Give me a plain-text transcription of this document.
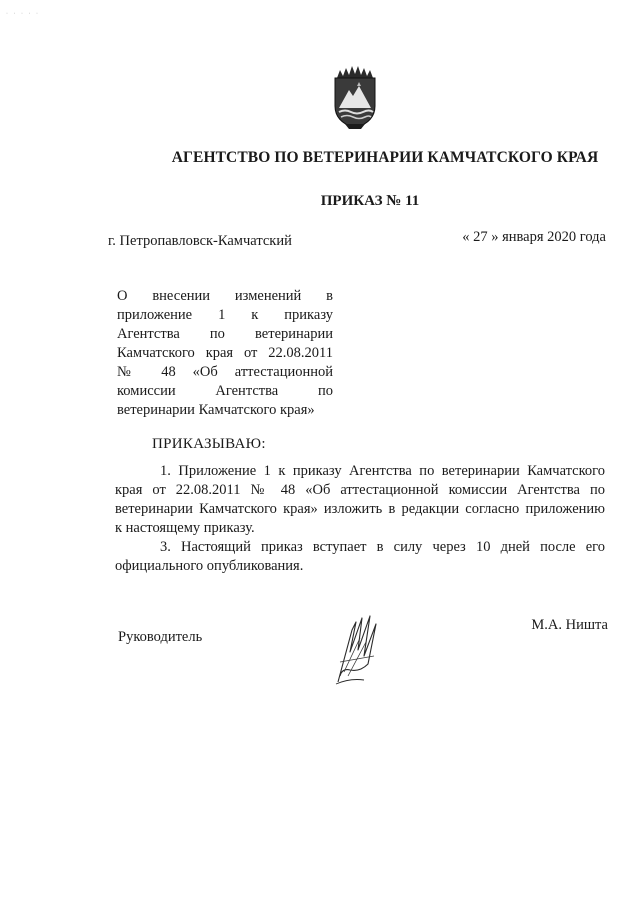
· · · · ·
АГЕНТСТВО ПО ВЕТЕРИНАРИИ КАМЧАТСКОГО КРАЯ
ПРИКАЗ № 11
г. Петропавловск-Камчатский	« 27 » января 2020 года
О внесении изменений в
приложение 1 к приказу
Агентства по ветеринарии
Камчатского края от 22.08.2011
№ 48 «Об аттестационной
комиссии Агентства по
ветеринарии Камчатского края»
ПРИКАЗЫВАЮ:
1. Приложение 1 к приказу Агентства по ветеринарии Камчатского
края от 22.08.2011 № 48 «Об аттестационной комиссии Агентства по
ветеринарии Камчатского края» изложить в редакции согласно приложению
к настоящему приказу.
3. Настоящий приказ вступает в силу через 10 дней после его
официального опубликования.
Руководитель
М.А. Ништа
